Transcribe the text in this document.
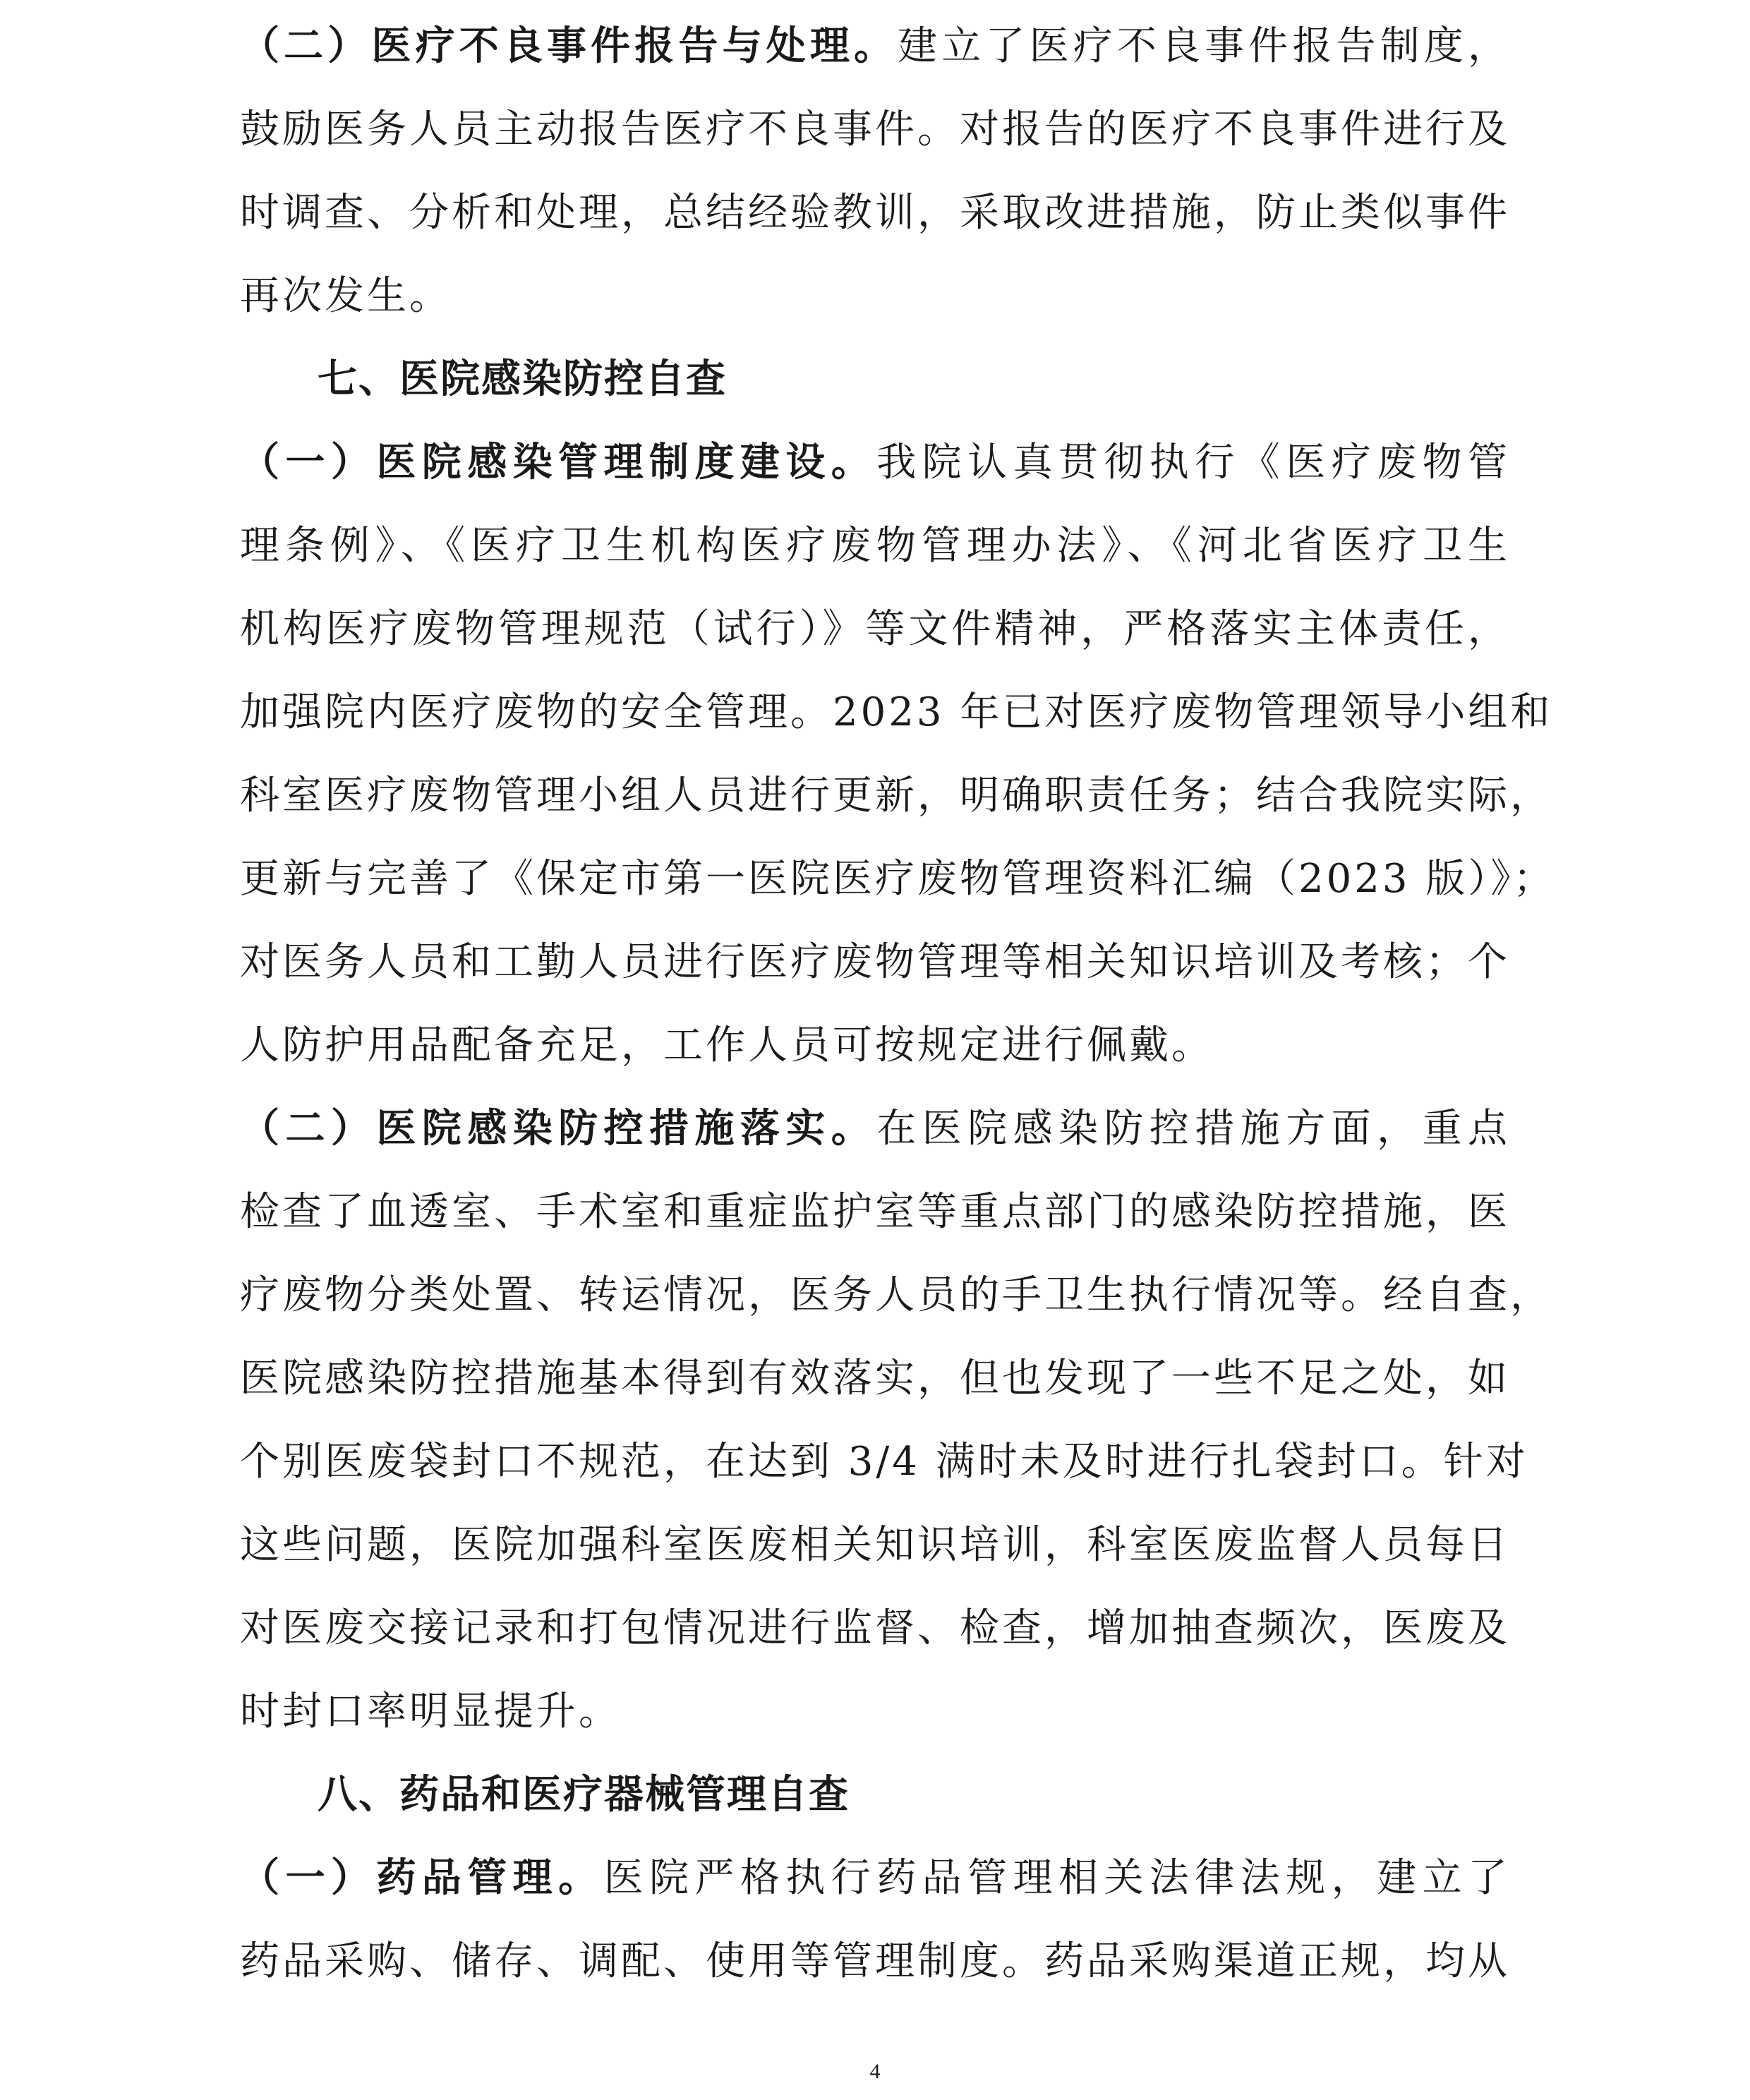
（二）医疗不良事件报告与处理。建立了医疗不良事件报告制度，
鼓励医务人员主动报告医疗不良事件。对报告的医疗不良事件进行及
时调查、分析和处理，总结经验教训，采取改进措施，防止类似事件
再次发生。
七、医院感染防控自查
（一）医院感染管理制度建设。我院认真贯彻执行《医疗废物管
理条例》、《医疗卫生机构医疗废物管理办法》、《河北省医疗卫生
机构医疗废物管理规范（试行）》等文件精神，严格落实主体责任，
加强院内医疗废物的安全管理。2023 年已对医疗废物管理领导小组和
科室医疗废物管理小组人员进行更新，明确职责任务；结合我院实际，
更新与完善了《保定市第一医院医疗废物管理资料汇编（2023 版）》；
对医务人员和工勤人员进行医疗废物管理等相关知识培训及考核；个
人防护用品配备充足，工作人员可按规定进行佩戴。
（二）医院感染防控措施落实。在医院感染防控措施方面，重点
检查了血透室、手术室和重症监护室等重点部门的感染防控措施，医
疗废物分类处置、转运情况，医务人员的手卫生执行情况等。经自查，
医院感染防控措施基本得到有效落实，但也发现了一些不足之处，如
个别医废袋封口不规范，在达到 3/4 满时未及时进行扎袋封口。针对
这些问题，医院加强科室医废相关知识培训，科室医废监督人员每日
对医废交接记录和打包情况进行监督、检查，增加抽查频次，医废及
时封口率明显提升。
八、药品和医疗器械管理自查
（一）药品管理。医院严格执行药品管理相关法律法规，建立了
药品采购、储存、调配、使用等管理制度。药品采购渠道正规，均从
4
